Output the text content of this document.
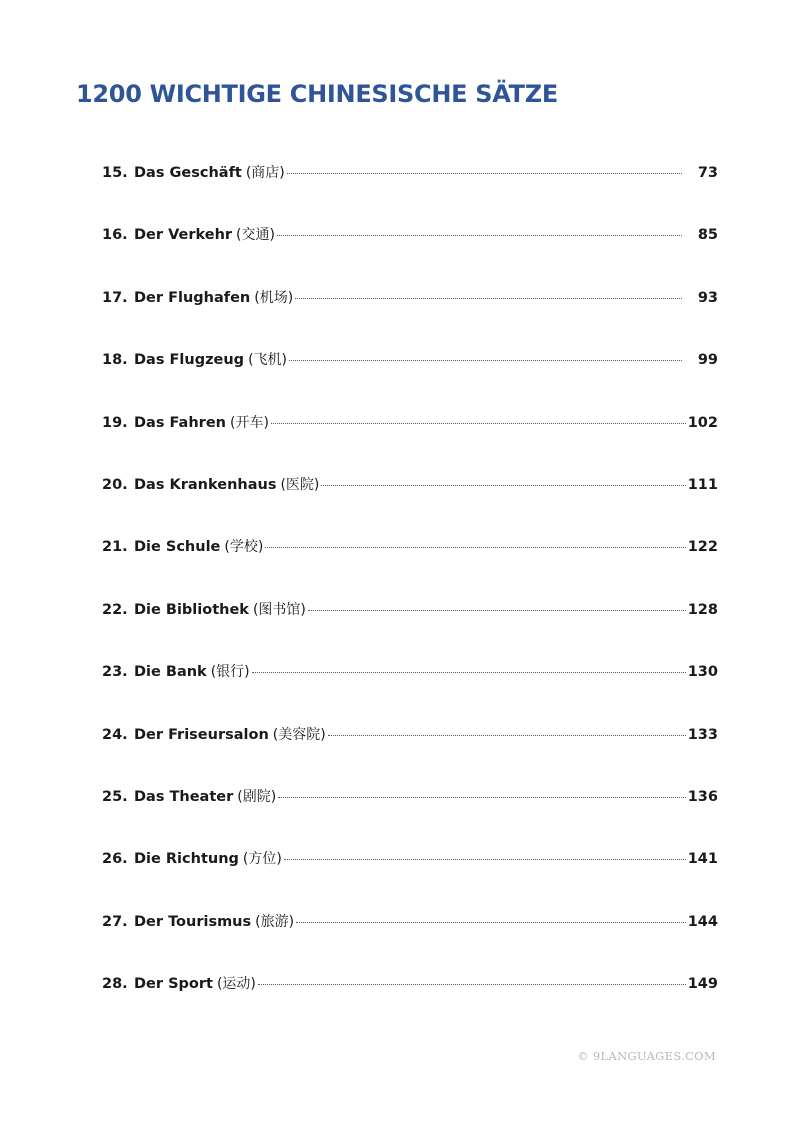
1200 WICHTIGE CHINESISCHE SÄTZE
15. Das Geschäft (商店)	73
16. Der Verkehr (交通)	85
17. Der Flughafen (机场)	93
18. Das Flugzeug (飞机)	99
19. Das Fahren (开车)	102
20. Das Krankenhaus (医院)	111
21. Die Schule (学校)	122
22. Die Bibliothek (图书馆)	128
23. Die Bank (银行)	130
24. Der Friseursalon (美容院)	133
25. Das Theater (剧院)	136
26. Die Richtung (方位)	141
27. Der Tourismus (旅游)	144
28. Der Sport (运动)	149
© 9LANGUAGES.COM
